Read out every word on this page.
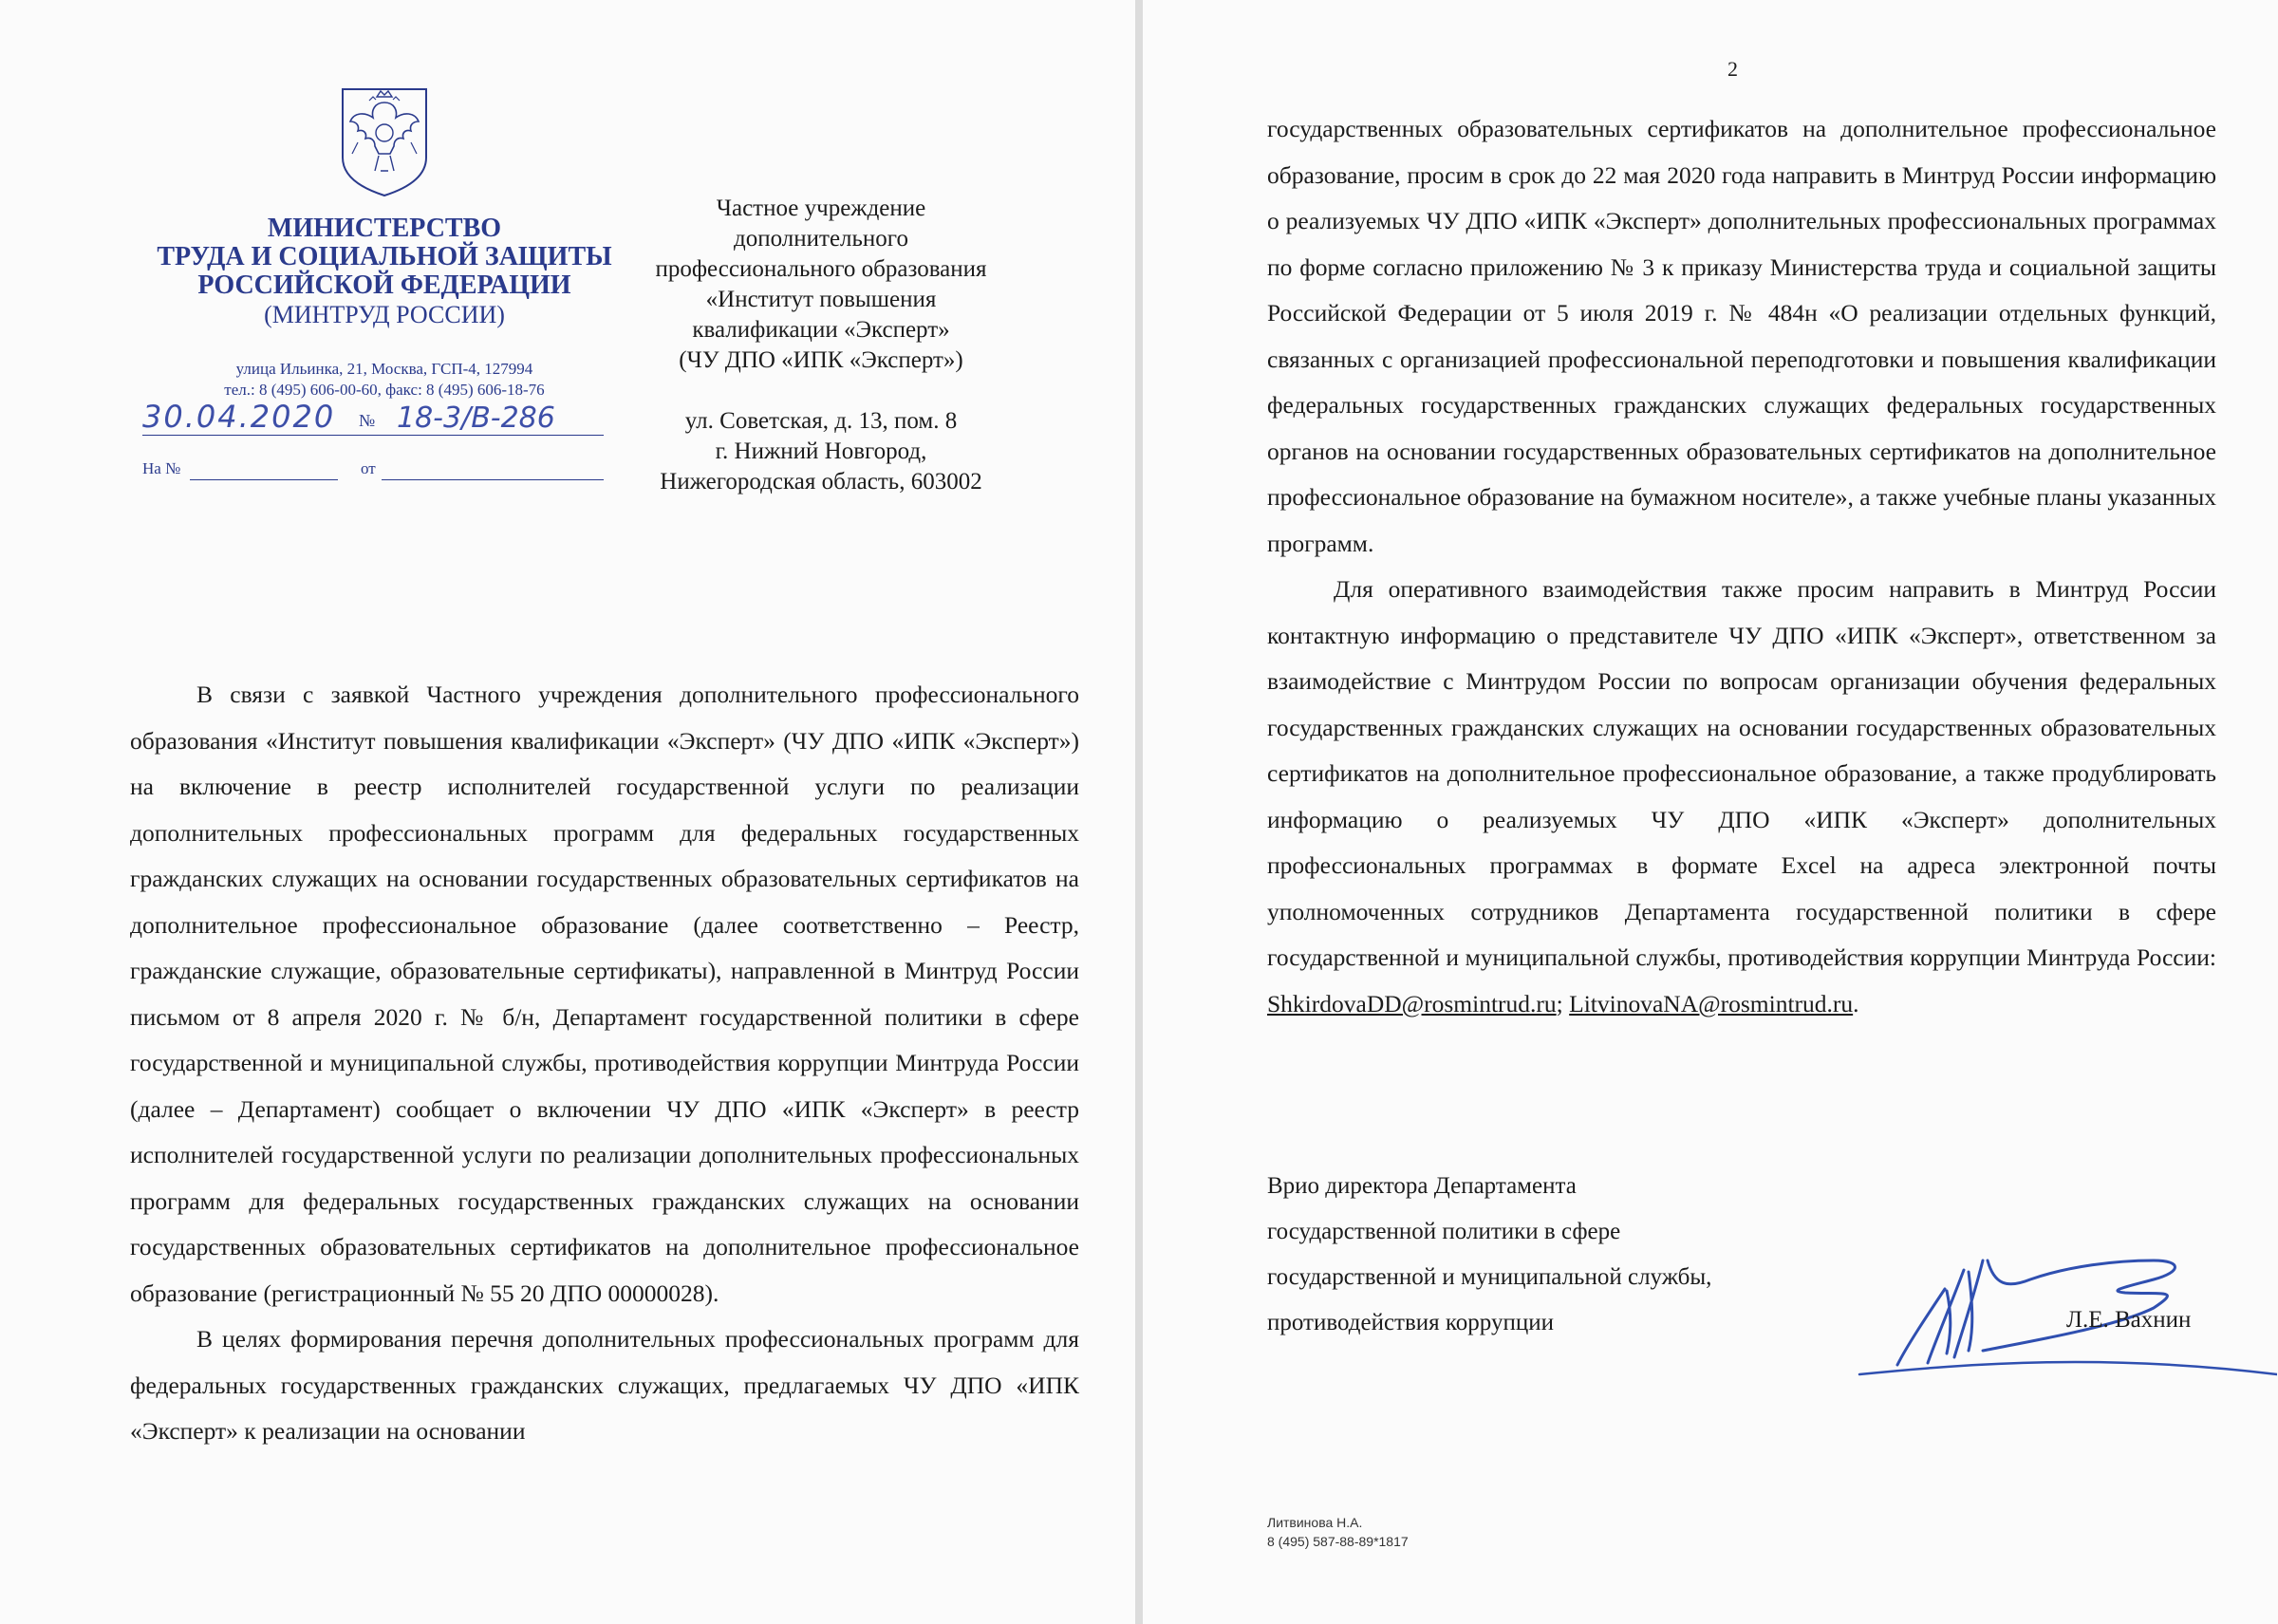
МИНИСТЕРСТВО
ТРУДА И СОЦИАЛЬНОЙ ЗАЩИТЫ
РОССИЙСКОЙ ФЕДЕРАЦИИ
(МИНТРУД РОССИИ)
улица Ильинка, 21, Москва, ГСП-4, 127994
тел.: 8 (495) 606-00-60, факс: 8 (495) 606-18-76
30.04.2020 № 18-3/В-286
На №	от
Частное учреждение
дополнительного
профессионального образования
«Институт повышения
квалификации «Эксперт»
(ЧУ ДПО «ИПК «Эксперт»)
ул. Советская, д. 13, пом. 8
г. Нижний Новгород,
Нижегородская область, 603002

В связи с заявкой Частного учреждения дополнительного профессионального образования «Институт повышения квалификации «Эксперт» (ЧУ ДПО «ИПК «Эксперт») на включение в реестр исполнителей государственной услуги по реализации дополнительных профессиональных программ для федеральных государственных гражданских служащих на основании государственных образовательных сертификатов на дополнительное профессиональное образование (далее соответственно – Реестр, гражданские служащие, образовательные сертификаты), направленной в Минтруд России письмом от 8 апреля 2020 г. № б/н, Департамент государственной политики в сфере государственной и муниципальной службы, противодействия коррупции Минтруда России (далее – Департамент) сообщает о включении ЧУ ДПО «ИПК «Эксперт» в реестр исполнителей государственной услуги по реализации дополнительных профессиональных программ для федеральных государственных гражданских служащих на основании государственных образовательных сертификатов на дополнительное профессиональное образование (регистрационный № 55 20 ДПО 00000028).

В целях формирования перечня дополнительных профессиональных программ для федеральных государственных гражданских служащих, предлагаемых ЧУ ДПО «ИПК «Эксперт» к реализации на основании

2

государственных образовательных сертификатов на дополнительное профессиональное образование, просим в срок до 22 мая 2020 года направить в Минтруд России информацию о реализуемых ЧУ ДПО «ИПК «Эксперт» дополнительных профессиональных программах по форме согласно приложению № 3 к приказу Министерства труда и социальной защиты Российской Федерации от 5 июля 2019 г. № 484н «О реализации отдельных функций, связанных с организацией профессиональной переподготовки и повышения квалификации федеральных государственных гражданских служащих федеральных государственных органов на основании государственных образовательных сертификатов на дополнительное профессиональное образование на бумажном носителе», а также учебные планы указанных программ.

Для оперативного взаимодействия также просим направить в Минтруд России контактную информацию о представителе ЧУ ДПО «ИПК «Эксперт», ответственном за взаимодействие с Минтрудом России по вопросам организации обучения федеральных государственных гражданских служащих на основании государственных образовательных сертификатов на дополнительное профессиональное образование, а также продублировать информацию о реализуемых ЧУ ДПО «ИПК «Эксперт» дополнительных профессиональных программах в формате Excel на адреса электронной почты уполномоченных сотрудников Департамента государственной политики в сфере государственной и муниципальной службы, противодействия коррупции Минтруда России: ShkirdovaDD@rosmintrud.ru; LitvinovaNA@rosmintrud.ru.

Врио директора Департамента
государственной политики в сфере
государственной и муниципальной службы,
противодействия коррупции	Л.Е. Вахнин
Литвинова Н.А.
8 (495) 587-88-89*1817
